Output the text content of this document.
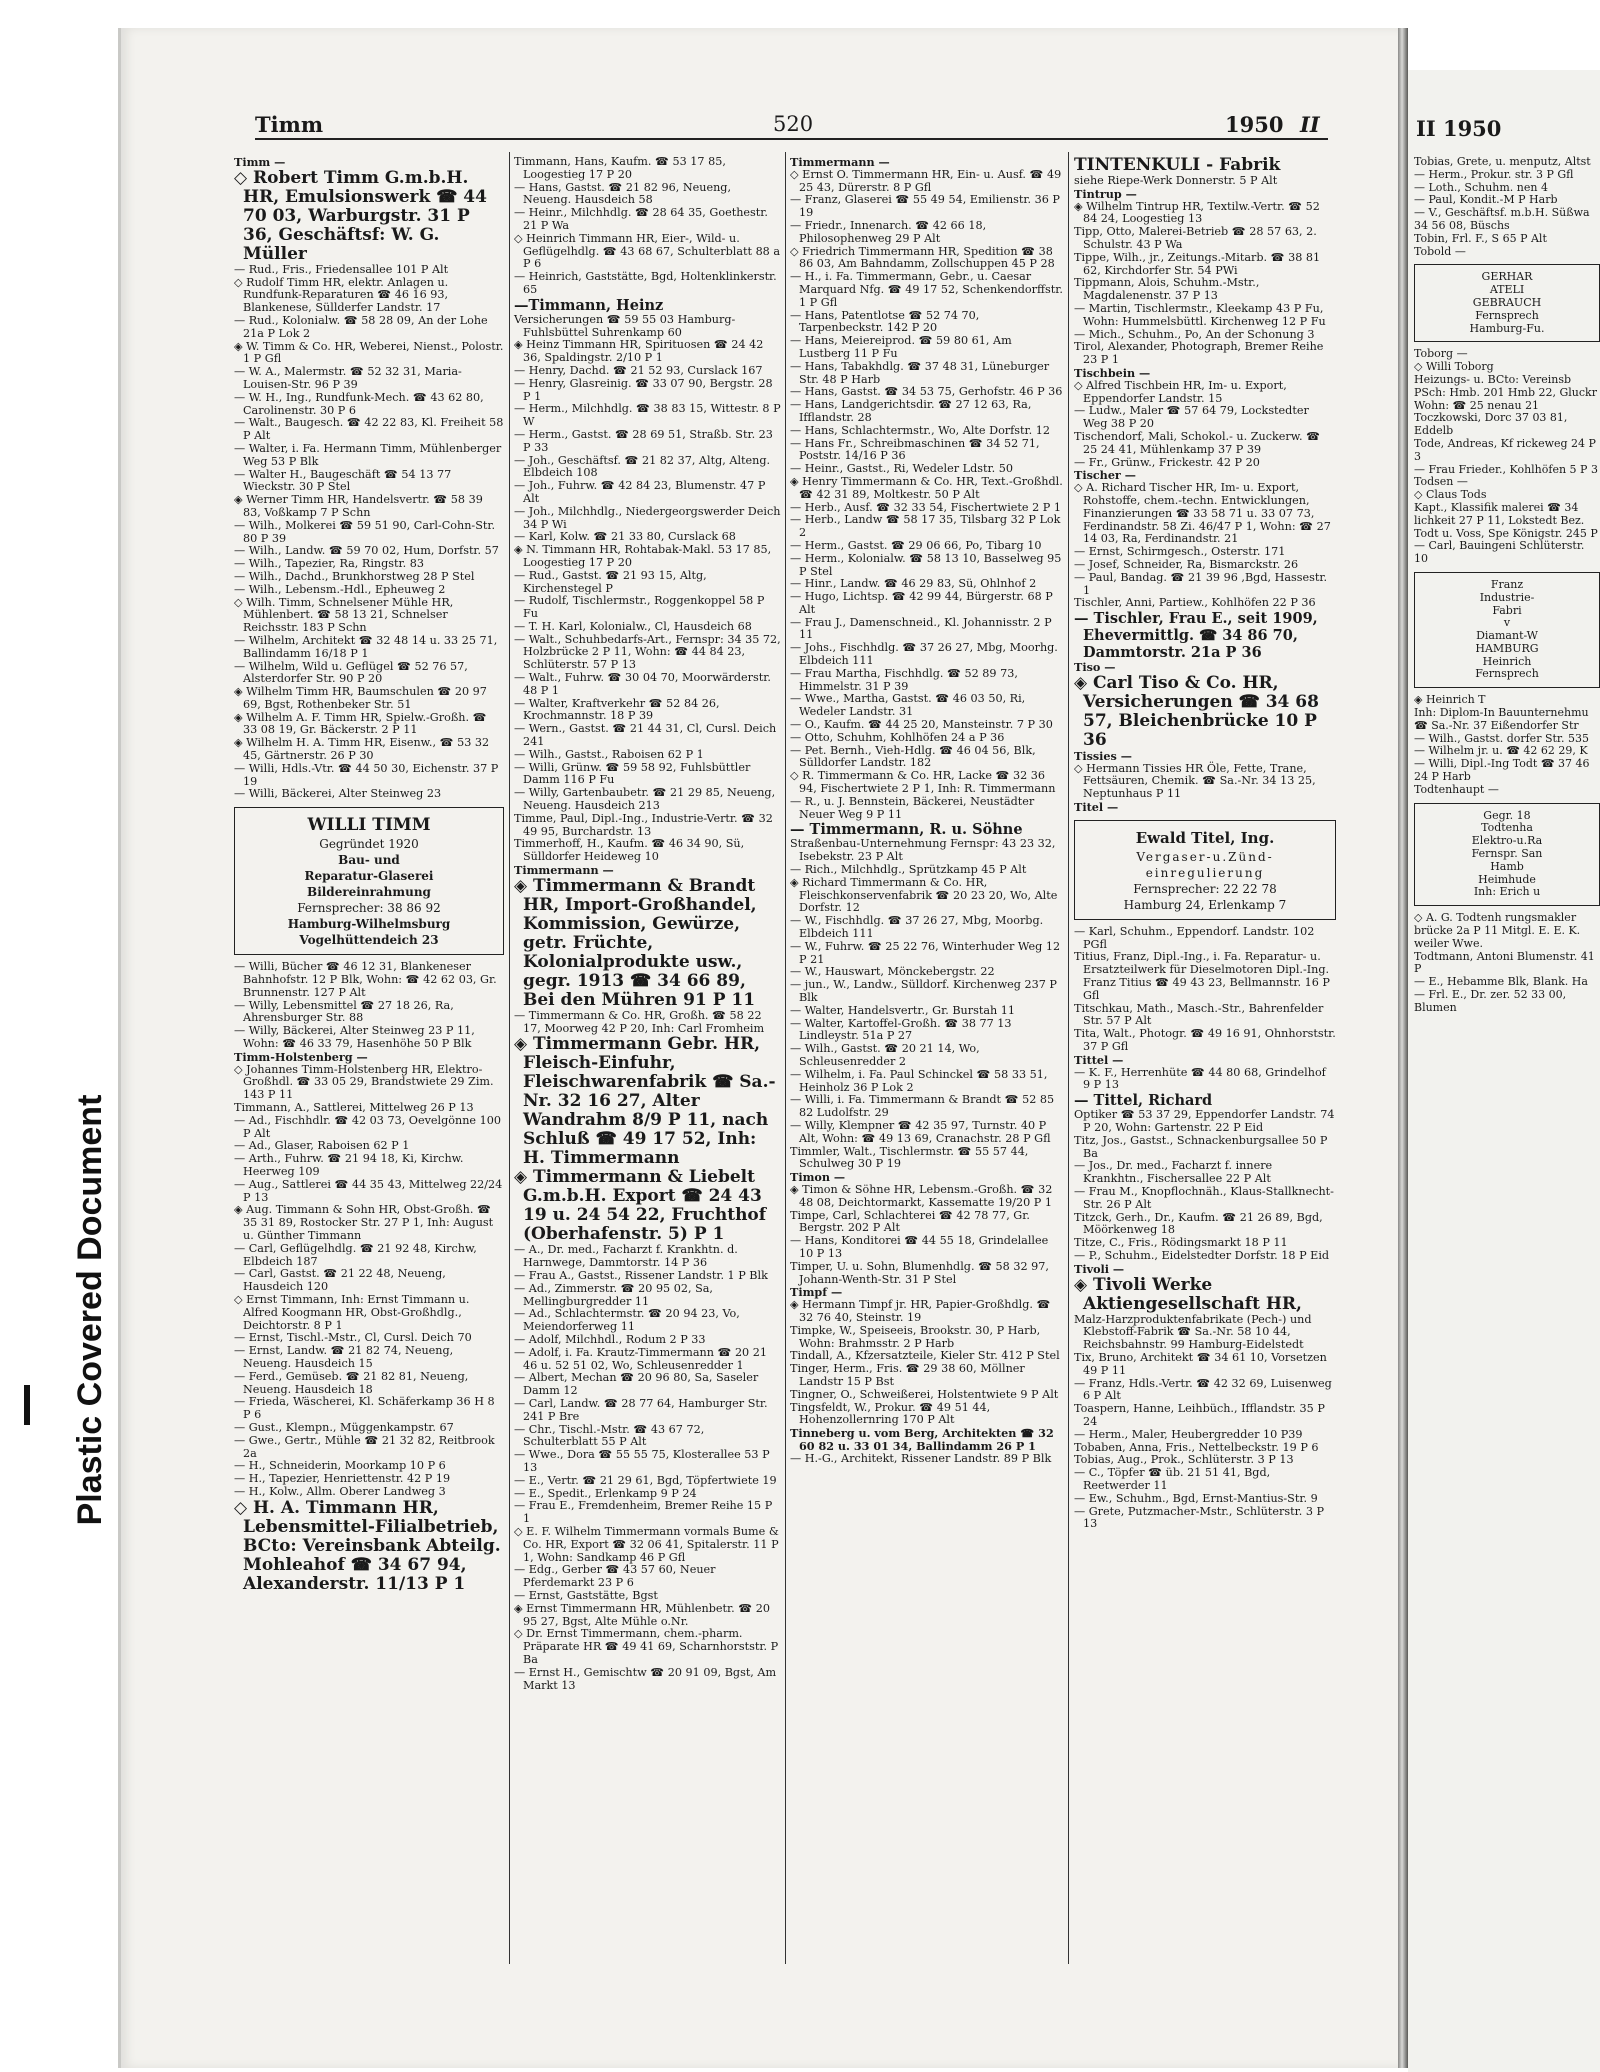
Plastic Covered Document
Timm	520	1950 II
Timm —
◇ Robert Timm G.m.b.H. HR, Emulsionswerk ☎ 44 70 03, Warburgstr. 31 P 36, Geschäftsf: W. G. Müller
— Rud., Fris., Friedensallee 101 P Alt
◇ Rudolf Timm HR, elektr. Anlagen u. Rundfunk-Reparaturen ☎ 46 16 93, Blankenese, Süllderfer Landstr. 17
— Rud., Kolonialw. ☎ 58 28 09, An der Lohe 21a P Lok 2
◈ W. Timm & Co. HR, Weberei, Nienst., Polostr. 1 P Gfl
— W. A., Malermstr. ☎ 52 32 31, Maria-Louisen-Str. 96 P 39
— W. H., Ing., Rundfunk-Mech. ☎ 43 62 80, Carolinenstr. 30 P 6
— Walt., Baugesch. ☎ 42 22 83, Kl. Freiheit 58 P Alt
— Walter, i. Fa. Hermann Timm, Mühlenberger Weg 53 P Blk
— Walter H., Baugeschäft ☎ 54 13 77 Wieckstr. 30 P Stel
◈ Werner Timm HR, Handelsvertr. ☎ 58 39 83, Voßkamp 7 P Schn
— Wilh., Molkerei ☎ 59 51 90, Carl-Cohn-Str. 80 P 39
— Wilh., Landw. ☎ 59 70 02, Hum, Dorfstr. 57
— Wilh., Tapezier, Ra, Ringstr. 83
— Wilh., Dachd., Brunkhorstweg 28 P Stel
— Wilh., Lebensm.-Hdl., Epheuweg 2
◇ Wilh. Timm, Schnelsener Mühle HR, Mühlenbert. ☎ 58 13 21, Schnelser Reichsstr. 183 P Schn
— Wilhelm, Architekt ☎ 32 48 14 u. 33 25 71, Ballindamm 16/18 P 1
— Wilhelm, Wild u. Geflügel ☎ 52 76 57, Alsterdorfer Str. 90 P 20
◈ Wilhelm Timm HR, Baumschulen ☎ 20 97 69, Bgst, Rothenbeker Str. 51
◈ Wilhelm A. F. Timm HR, Spielw.-Großh. ☎ 33 08 19, Gr. Bäckerstr. 2 P 11
◈ Wilhelm H. A. Timm HR, Eisenw., ☎ 53 32 45, Gärtnerstr. 26 P 30
— Willi, Hdls.-Vtr. ☎ 44 50 30, Eichenstr. 37 P 19
— Willi, Bäckerei, Alter Steinweg 23
WILLI TIMM
Gegründet 1920
Bau- und
Reparatur-Glaserei
Bildereinrahmung
Fernsprecher: 38 86 92
Hamburg-Wilhelmsburg
Vogelhüttendeich 23
— Willi, Bücher ☎ 46 12 31, Blankeneser Bahnhofstr. 12 P Blk, Wohn: ☎ 42 62 03, Gr. Brunnenstr. 127 P Alt
— Willy, Lebensmittel ☎ 27 18 26, Ra, Ahrensburger Str. 88
— Willy, Bäckerei, Alter Steinweg 23 P 11, Wohn: ☎ 46 33 79, Hasenhöhe 50 P Blk
Timm-Holstenberg —
◇ Johannes Timm-Holstenberg HR, Elektro-Großhdl. ☎ 33 05 29, Brandstwiete 29 Zim. 143 P 11
Timmann, A., Sattlerei, Mittelweg 26 P 13
— Ad., Fischhdlr. ☎ 42 03 73, Oevelgönne 100 P Alt
— Ad., Glaser, Raboisen 62 P 1
— Arth., Fuhrw. ☎ 21 94 18, Ki, Kirchw. Heerweg 109
— Aug., Sattlerei ☎ 44 35 43, Mittelweg 22/24 P 13
◈ Aug. Timmann & Sohn HR, Obst-Großh. ☎ 35 31 89, Rostocker Str. 27 P 1, Inh: August u. Günther Timmann
— Carl, Geflügelhdlg. ☎ 21 92 48, Kirchw, Elbdeich 187
— Carl, Gastst. ☎ 21 22 48, Neueng, Hausdeich 120
◇ Ernst Timmann, Inh: Ernst Timmann u. Alfred Koogmann HR, Obst-Großhdlg., Deichtorstr. 8 P 1
— Ernst, Tischl.-Mstr., Cl, Cursl. Deich 70
— Ernst, Landw. ☎ 21 82 74, Neueng, Neueng. Hausdeich 15
— Ferd., Gemüseb. ☎ 21 82 81, Neueng, Neueng. Hausdeich 18
— Frieda, Wäscherei, Kl. Schäferkamp 36 H 8 P 6
— Gust., Klempn., Müggenkampstr. 67
— Gwe., Gertr., Mühle ☎ 21 32 82, Reitbrook 2a
— H., Schneiderin, Moorkamp 10 P 6
— H., Tapezier, Henriettenstr. 42 P 19
— H., Kolw., Allm. Oberer Landweg 3
◇ H. A. Timmann HR, Lebensmittel-Filialbetrieb, BCto: Vereinsbank Abteilg. Mohleahof ☎ 34 67 94, Alexanderstr. 11/13 P 1
Timmann, Hans, Kaufm. ☎ 53 17 85, Loogestieg 17 P 20
— Hans, Gastst. ☎ 21 82 96, Neueng, Neueng. Hausdeich 58
— Heinr., Milchhdlg. ☎ 28 64 35, Goethestr. 21 P Wa
◇ Heinrich Timmann HR, Eier-, Wild- u. Geflügelhdlg. ☎ 43 68 67, Schulterblatt 88 a P 6
— Heinrich, Gaststätte, Bgd, Holtenklinkerstr. 65
—Timmann, Heinz
Versicherungen ☎ 59 55 03 Hamburg-Fuhlsbüttel Suhrenkamp 60
◈ Heinz Timmann HR, Spirituosen ☎ 24 42 36, Spaldingstr. 2/10 P 1
— Henry, Dachd. ☎ 21 52 93, Curslack 167
— Henry, Glasreinig. ☎ 33 07 90, Bergstr. 28 P 1
— Herm., Milchhdlg. ☎ 38 83 15, Wittestr. 8 P W
— Herm., Gastst. ☎ 28 69 51, Straßb. Str. 23 P 33
— Joh., Geschäftsf. ☎ 21 82 37, Altg, Alteng. Elbdeich 108
— Joh., Fuhrw. ☎ 42 84 23, Blumenstr. 47 P Alt
— Joh., Milchhdlg., Niedergeorgswerder Deich 34 P Wi
— Karl, Kolw. ☎ 21 33 80, Curslack 68
◈ N. Timmann HR, Rohtabak-Makl. 53 17 85, Loogestieg 17 P 20
— Rud., Gastst. ☎ 21 93 15, Altg, Kirchenstegel P
— Rudolf, Tischlermstr., Roggenkoppel 58 P Fu
— T. H. Karl, Kolonialw., Cl, Hausdeich 68
— Walt., Schuhbedarfs-Art., Fernspr: 34 35 72, Holzbrücke 2 P 11, Wohn: ☎ 44 84 23, Schlüterstr. 57 P 13
— Walt., Fuhrw. ☎ 30 04 70, Moorwärderstr. 48 P 1
— Walter, Kraftverkehr ☎ 52 84 26, Krochmannstr. 18 P 39
— Wern., Gastst. ☎ 21 44 31, Cl, Cursl. Deich 241
— Wilh., Gastst., Raboisen 62 P 1
— Willi, Grünw. ☎ 59 58 92, Fuhlsbüttler Damm 116 P Fu
— Willy, Gartenbaubetr. ☎ 21 29 85, Neueng, Neueng. Hausdeich 213
Timme, Paul, Dipl.-Ing., Industrie-Vertr. ☎ 32 49 95, Burchardstr. 13
Timmerhoff, H., Kaufm. ☎ 46 34 90, Sü, Sülldorfer Heideweg 10
Timmermann —
◈ Timmermann & Brandt HR, Import-Großhandel, Kommission, Gewürze, getr. Früchte, Kolonialprodukte usw., gegr. 1913 ☎ 34 66 89, Bei den Mühren 91 P 11
— Timmermann & Co. HR, Großh. ☎ 58 22 17, Moorweg 42 P 20, Inh: Carl Fromheim
◈ Timmermann Gebr. HR, Fleisch-Einfuhr, Fleischwarenfabrik ☎ Sa.-Nr. 32 16 27, Alter Wandrahm 8/9 P 11, nach Schluß ☎ 49 17 52, Inh: H. Timmermann
◈ Timmermann & Liebelt G.m.b.H. Export ☎ 24 43 19 u. 24 54 22, Fruchthof (Oberhafenstr. 5) P 1
— A., Dr. med., Facharzt f. Krankhtn. d. Harnwege, Dammtorstr. 14 P 36
— Frau A., Gastst., Rissener Landstr. 1 P Blk
— Ad., Zimmerstr. ☎ 20 95 02, Sa, Mellingburgredder 11
— Ad., Schlachtermstr. ☎ 20 94 23, Vo, Meiendorferweg 11
— Adolf, Milchhdl., Rodum 2 P 33
— Adolf, i. Fa. Krautz-Timmermann ☎ 20 21 46 u. 52 51 02, Wo, Schleusenredder 1
— Albert, Mechan ☎ 20 96 80, Sa, Saseler Damm 12
— Carl, Landw. ☎ 28 77 64, Hamburger Str. 241 P Bre
— Chr., Tischl.-Mstr. ☎ 43 67 72, Schulterblatt 55 P Alt
— Wwe., Dora ☎ 55 55 75, Klosterallee 53 P 13
— E., Vertr. ☎ 21 29 61, Bgd, Töpfertwiete 19
— E., Spedit., Erlenkamp 9 P 24
— Frau E., Fremdenheim, Bremer Reihe 15 P 1
◇ E. F. Wilhelm Timmermann vormals Bume & Co. HR, Export ☎ 32 06 41, Spitalerstr. 11 P 1, Wohn: Sandkamp 46 P Gfl
— Edg., Gerber ☎ 43 57 60, Neuer Pferdemarkt 23 P 6
— Ernst, Gaststätte, Bgst
◈ Ernst Timmermann HR, Mühlenbetr. ☎ 20 95 27, Bgst, Alte Mühle o.Nr.
◇ Dr. Ernst Timmermann, chem.-pharm. Präparate HR ☎ 49 41 69, Scharnhorststr. P Ba
— Ernst H., Gemischtw ☎ 20 91 09, Bgst, Am Markt 13
Timmermann —
◇ Ernst O. Timmermann HR, Ein- u. Ausf. ☎ 49 25 43, Dürerstr. 8 P Gfl
— Franz, Glaserei ☎ 55 49 54, Emilienstr. 36 P 19
— Friedr., Innenarch. ☎ 42 66 18, Philosophenweg 29 P Alt
◇ Friedrich Timmermann HR, Spedition ☎ 38 86 03, Am Bahndamm, Zollschuppen 45 P 28
— H., i. Fa. Timmermann, Gebr., u. Caesar Marquard Nfg. ☎ 49 17 52, Schenkendorffstr. 1 P Gfl
— Hans, Patentlotse ☎ 52 74 70, Tarpenbeckstr. 142 P 20
— Hans, Meiereiprod. ☎ 59 80 61, Am Lustberg 11 P Fu
— Hans, Tabakhdlg. ☎ 37 48 31, Lüneburger Str. 48 P Harb
— Hans, Gastst. ☎ 34 53 75, Gerhofstr. 46 P 36
— Hans, Landgerichtsdir. ☎ 27 12 63, Ra, Ifflandstr. 28
— Hans, Schlachtermstr., Wo, Alte Dorfstr. 12
— Hans Fr., Schreibmaschinen ☎ 34 52 71, Poststr. 14/16 P 36
— Heinr., Gastst., Ri, Wedeler Ldstr. 50
◈ Henry Timmermann & Co. HR, Text.-Großhdl. ☎ 42 31 89, Moltkestr. 50 P Alt
— Herb., Ausf. ☎ 32 33 54, Fischertwiete 2 P 1
— Herb., Landw ☎ 58 17 35, Tilsbarg 32 P Lok 2
— Herm., Gastst. ☎ 29 06 66, Po, Tibarg 10
— Herm., Kolonialw. ☎ 58 13 10, Basselweg 95 P Stel
— Hinr., Landw. ☎ 46 29 83, Sü, Ohlnhof 2
— Hugo, Lichtsp. ☎ 42 99 44, Bürgerstr. 68 P Alt
— Frau J., Damenschneid., Kl. Johannisstr. 2 P 11
— Johs., Fischhdlg. ☎ 37 26 27, Mbg, Moorhg. Elbdeich 111
— Frau Martha, Fischhdlg. ☎ 52 89 73, Himmelstr. 31 P 39
— Wwe., Martha, Gastst. ☎ 46 03 50, Ri, Wedeler Landstr. 31
— O., Kaufm. ☎ 44 25 20, Mansteinstr. 7 P 30
— Otto, Schuhm, Kohlhöfen 24 a P 36
— Pet. Bernh., Vieh-Hdlg. ☎ 46 04 56, Blk, Sülldorfer Landstr. 182
◇ R. Timmermann & Co. HR, Lacke ☎ 32 36 94, Fischertwiete 2 P 1, Inh: R. Timmermann
— R., u. J. Bennstein, Bäckerei, Neustädter Neuer Weg 9 P 11
— Timmermann, R. u. Söhne
Straßenbau-Unternehmung Fernspr: 43 23 32, Isebekstr. 23 P Alt
— Rich., Milchhdlg., Sprützkamp 45 P Alt
◈ Richard Timmermann & Co. HR, Fleischkonservenfabrik ☎ 20 23 20, Wo, Alte Dorfstr. 12
— W., Fischhdlg. ☎ 37 26 27, Mbg, Moorbg. Elbdeich 111
— W., Fuhrw. ☎ 25 22 76, Winterhuder Weg 12 P 21
— W., Hauswart, Mönckebergstr. 22
— jun., W., Landw., Sülldorf. Kirchenweg 237 P Blk
— Walter, Handelsvertr., Gr. Burstah 11
— Walter, Kartoffel-Großh. ☎ 38 77 13 Lindleystr. 51a P 27
— Wilh., Gastst. ☎ 20 21 14, Wo, Schleusenredder 2
— Wilhelm, i. Fa. Paul Schinckel ☎ 58 33 51, Heinholz 36 P Lok 2
— Willi, i. Fa. Timmermann & Brandt ☎ 52 85 82 Ludolfstr. 29
— Willy, Klempner ☎ 42 35 97, Turnstr. 40 P Alt, Wohn: ☎ 49 13 69, Cranachstr. 28 P Gfl
Timmler, Walt., Tischlermstr. ☎ 55 57 44, Schulweg 30 P 19
Timon —
◈ Timon & Söhne HR, Lebensm.-Großh. ☎ 32 48 08, Deichtormarkt, Kassematte 19/20 P 1
Timpe, Carl, Schlachterei ☎ 42 78 77, Gr. Bergstr. 202 P Alt
— Hans, Konditorei ☎ 44 55 18, Grindelallee 10 P 13
Timper, U. u. Sohn, Blumenhdlg. ☎ 58 32 97, Johann-Wenth-Str. 31 P Stel
Timpf —
◈ Hermann Timpf jr. HR, Papier-Großhdlg. ☎ 32 76 40, Steinstr. 19
Timpke, W., Speiseeis, Brookstr. 30, P Harb, Wohn: Brahmsstr. 2 P Harb
Tindall, A., Kfzersatzteile, Kieler Str. 412 P Stel
Tinger, Herm., Fris. ☎ 29 38 60, Möllner Landstr 15 P Bst
Tingner, O., Schweißerei, Holstentwiete 9 P Alt
Tingsfeldt, W., Prokur. ☎ 49 51 44, Hohenzollernring 170 P Alt
Tinneberg u. vom Berg, Architekten ☎ 32 60 82 u. 33 01 34, Ballindamm 26 P 1
— H.-G., Architekt, Rissener Landstr. 89 P Blk
TINTENKULI - Fabrik
siehe Riepe-Werk Donnerstr. 5 P Alt
Tintrup —
◈ Wilhelm Tintrup HR, Textilw.-Vertr. ☎ 52 84 24, Loogestieg 13
Tipp, Otto, Malerei-Betrieb ☎ 28 57 63, 2. Schulstr. 43 P Wa
Tippe, Wilh., jr., Zeitungs.-Mitarb. ☎ 38 81 62, Kirchdorfer Str. 54 PWi
Tippmann, Alois, Schuhm.-Mstr., Magdalenenstr. 37 P 13
— Martin, Tischlermstr., Kleekamp 43 P Fu, Wohn: Hummelsbüttl. Kirchenweg 12 P Fu
— Mich., Schuhm., Po, An der Schonung 3
Tirol, Alexander, Photograph, Bremer Reihe 23 P 1
Tischbein —
◇ Alfred Tischbein HR, Im- u. Export, Eppendorfer Landstr. 15
— Ludw., Maler ☎ 57 64 79, Lockstedter Weg 38 P 20
Tischendorf, Mali, Schokol.- u. Zuckerw. ☎ 25 24 41, Mühlenkamp 37 P 39
— Fr., Grünw., Frickestr. 42 P 20
Tischer —
◇ A. Richard Tischer HR, Im- u. Export, Rohstoffe, chem.-techn. Entwicklungen, Finanzierungen ☎ 33 58 71 u. 33 07 73, Ferdinandstr. 58 Zi. 46/47 P 1, Wohn: ☎ 27 14 03, Ra, Ferdinandstr. 21
— Ernst, Schirmgesch., Osterstr. 171
— Josef, Schneider, Ra, Bismarckstr. 26
— Paul, Bandag. ☎ 21 39 96 ,Bgd, Hassestr. 1
Tischler, Anni, Partiew., Kohlhöfen 22 P 36
— Tischler, Frau E., seit 1909, Ehevermittlg. ☎ 34 86 70, Dammtorstr. 21a P 36
Tiso —
◈ Carl Tiso & Co. HR, Versicherungen ☎ 34 68 57, Bleichenbrücke 10 P 36
Tissies —
◇ Hermann Tissies HR Öle, Fette, Trane, Fettsäuren, Chemik. ☎ Sa.-Nr. 34 13 25, Neptunhaus P 11
Titel —
Ewald Titel, Ing.
Vergaser-u.Zünd-
einregulierung
Fernsprecher: 22 22 78
Hamburg 24, Erlenkamp 7
— Karl, Schuhm., Eppendorf. Landstr. 102 PGfl
Titius, Franz, Dipl.-Ing., i. Fa. Reparatur- u. Ersatzteilwerk für Dieselmotoren Dipl.-Ing. Franz Titius ☎ 49 43 23, Bellmannstr. 16 P Gfl
Titschkau, Math., Masch.-Str., Bahrenfelder Str. 57 P Alt
Tita, Walt., Photogr. ☎ 49 16 91, Ohnhorststr. 37 P Gfl
Tittel —
— K. F., Herrenhüte ☎ 44 80 68, Grindelhof 9 P 13
— Tittel, Richard
Optiker ☎ 53 37 29, Eppendorfer Landstr. 74 P 20, Wohn: Gartenstr. 22 P Eid
Titz, Jos., Gastst., Schnackenburgsallee 50 P Ba
— Jos., Dr. med., Facharzt f. innere Krankhtn., Fischersallee 22 P Alt
— Frau M., Knopflochnäh., Klaus-Stallknecht-Str. 26 P Alt
Titzck, Gerh., Dr., Kaufm. ☎ 21 26 89, Bgd, Möörkenweg 18
Titze, C., Fris., Rödingsmarkt 18 P 11
— P., Schuhm., Eidelstedter Dorfstr. 18 P Eid
Tivoli —
◈ Tivoli Werke Aktiengesellschaft HR,
Malz-Harzproduktenfabrikate (Pech-) und Klebstoff-Fabrik ☎ Sa.-Nr. 58 10 44, Reichsbahnstr. 99 Hamburg-Eidelstedt
Tix, Bruno, Architekt ☎ 34 61 10, Vorsetzen 49 P 11
— Franz, Hdls.-Vertr. ☎ 42 32 69, Luisenweg 6 P Alt
Toaspern, Hanne, Leihbüch., Ifflandstr. 35 P 24
— Herm., Maler, Heubergredder 10 P39
Tobaben, Anna, Fris., Nettelbeckstr. 19 P 6
Tobias, Aug., Prok., Schlüterstr. 3 P 13
— C., Töpfer ☎ üb. 21 51 41, Bgd, Reetwerder 11
— Ew., Schuhm., Bgd, Ernst-Mantius-Str. 9
— Grete, Putzmacher-Mstr., Schlüterstr. 3 P 13
II 1950
Tobias, Grete, u. menputz, Altst
— Herm., Prokur. str. 3 P Gfl
— Loth., Schuhm. nen 4
— Paul, Kondit.-M P Harb
— V., Geschäftsf. m.b.H. Süßwa 34 56 08, Büschs
Tobin, Frl. F., S 65 P Alt
Tobold —
GERHAR
ATELI
GEBRAUCH
Fernsprech
Hamburg-Fu.
Toborg —
◇ Willi Toborg
Heizungs- u. BCto: Vereinsb PSch: Hmb. 201 Hmb 22, Gluckr Wohn: ☎ 25 nenau 21
Toczkowski, Dorc 37 03 81, Eddelb
Tode, Andreas, Kf rickeweg 24 P 3
— Frau Frieder., Kohlhöfen 5 P 3
Todsen —
◇ Claus Tods
Kapt., Klassifik malerei ☎ 34 lichkeit 27 P 11, Lokstedt Bez.
Todt u. Voss, Spe Königstr. 245 P
— Carl, Bauingeni Schlüterstr. 10
Franz
Industrie-
Fabri
v
Diamant-W
HAMBURG
Heinrich
Fernsprech
◈ Heinrich T
Inh: Diplom-In Bauunternehmu ☎ Sa.-Nr. 37 Eißendorfer Str
— Wilh., Gastst. dorfer Str. 535
— Wilhelm jr. u. ☎ 42 62 29, K
— Willi, Dipl.-Ing Todt ☎ 37 46 24 P Harb
Todtenhaupt —
Gegr. 18
Todtenha
Elektro-u.Ra
Fernspr. San
Hamb
Heimhude
Inh: Erich u
◇ A. G. Todtenh rungsmakler brücke 2a P 11 Mitgl. E. E. K. weiler Wwe.
Todtmann, Antoni Blumenstr. 41 P
— E., Hebamme Blk, Blank. Ha
— Frl. E., Dr. zer. 52 33 00, Blumen
